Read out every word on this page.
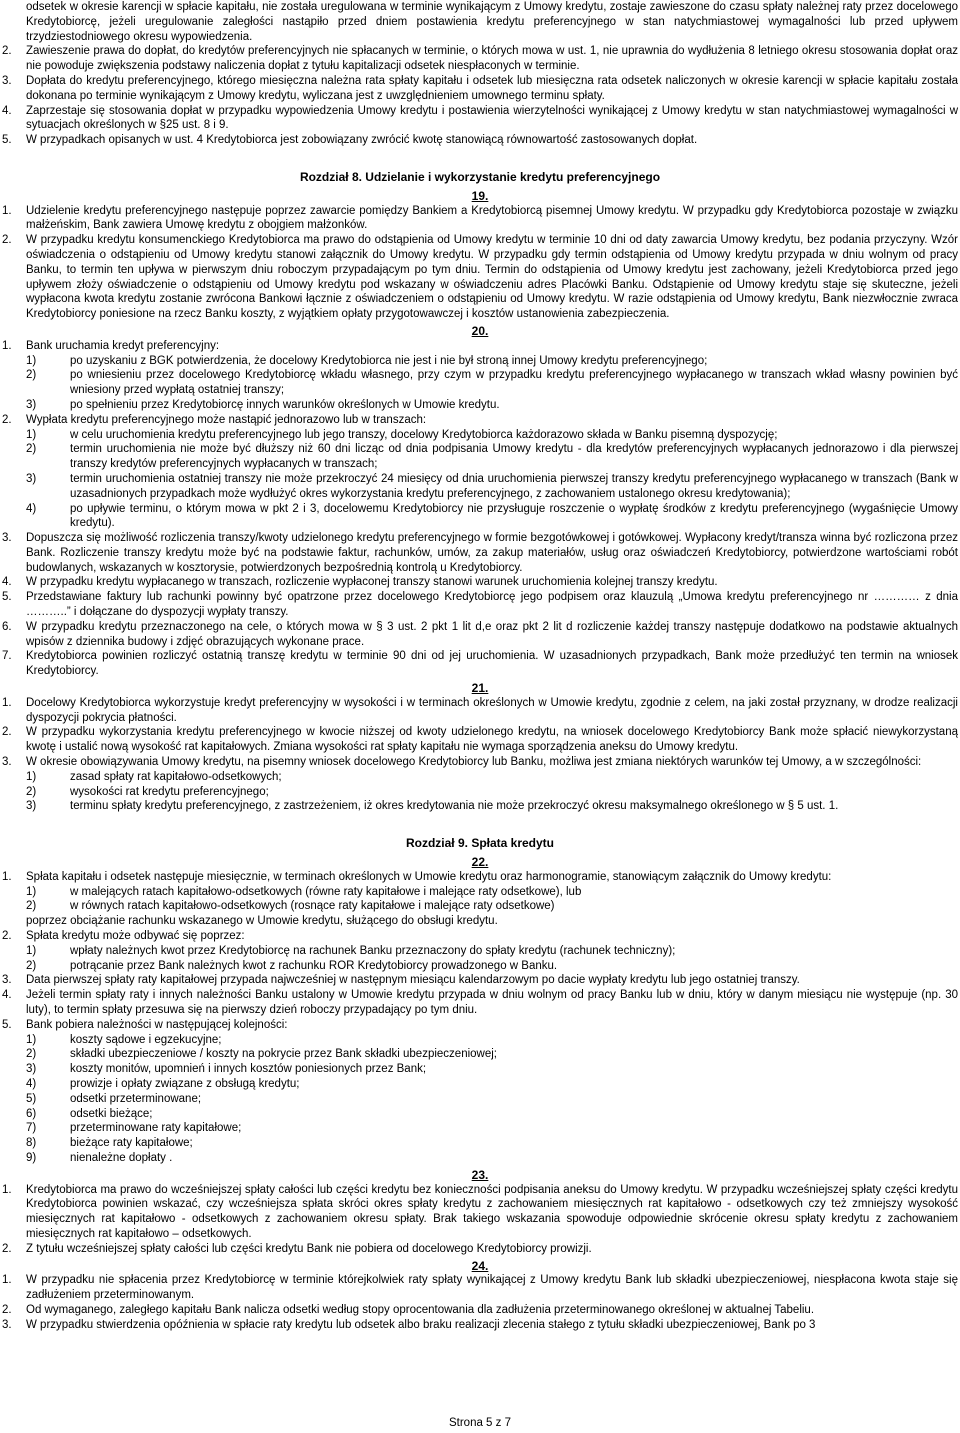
odsetek w okresie karencji w spłacie kapitału, nie została uregulowana w terminie wynikającym z Umowy kredytu, zostaje zawieszone do czasu spłaty należnej raty przez docelowego Kredytobiorcę, jeżeli uregulowanie zaległości nastąpiło przed dniem postawienia kredytu preferencyjnego w stan natychmiastowej wymagalności lub przed upływem trzydziestodniowego okresu wypowiedzenia.
2.	Zawieszenie prawa do dopłat, do kredytów preferencyjnych nie spłacanych w terminie, o których mowa w ust. 1, nie uprawnia do wydłużenia 8 letniego okresu stosowania dopłat oraz nie powoduje zwiększenia podstawy naliczenia dopłat z tytułu kapitalizacji odsetek niespłaconych w terminie.
3.	Dopłata do kredytu preferencyjnego, którego miesięczna należna rata spłaty kapitału i odsetek lub miesięczna rata odsetek naliczonych w okresie karencji w spłacie kapitału została dokonana po terminie wynikającym z Umowy kredytu, wyliczana jest z uwzględnieniem umownego terminu spłaty.
4.	Zaprzestaje się stosowania dopłat w przypadku wypowiedzenia Umowy kredytu i postawienia wierzytelności wynikającej z Umowy kredytu w stan natychmiastowej wymagalności w sytuacjach określonych w §25 ust. 8 i 9.
5.	W przypadkach opisanych w ust. 4 Kredytobiorca jest zobowiązany zwrócić kwotę stanowiącą równowartość zastosowanych dopłat.
Rozdział 8. Udzielanie i wykorzystanie kredytu preferencyjnego
19.
1.	Udzielenie kredytu preferencyjnego następuje poprzez zawarcie pomiędzy Bankiem a Kredytobiorcą pisemnej Umowy kredytu. W przypadku gdy Kredytobiorca pozostaje w związku małżeńskim, Bank zawiera Umowę kredytu z obojgiem małżonków.
2.	W przypadku kredytu konsumenckiego Kredytobiorca ma prawo do odstąpienia od Umowy kredytu w terminie 10 dni od daty zawarcia Umowy kredytu, bez podania przyczyny. Wzór oświadczenia o odstąpieniu od Umowy kredytu stanowi załącznik do Umowy kredytu. W przypadku gdy termin odstąpienia od Umowy kredytu przypada w dniu wolnym od pracy Banku, to termin ten upływa w pierwszym dniu roboczym przypadającym po tym dniu. Termin do odstąpienia od Umowy kredytu jest zachowany, jeżeli Kredytobiorca przed jego upływem złoży oświadczenie o odstąpieniu od Umowy kredytu pod wskazany w oświadczeniu adres Placówki Banku. Odstąpienie od Umowy kredytu staje się skuteczne, jeżeli wypłacona kwota kredytu zostanie zwrócona Bankowi łącznie z oświadczeniem o odstąpieniu od Umowy kredytu. W razie odstąpienia od Umowy kredytu, Bank niezwłocznie zwraca Kredytobiorcy poniesione na rzecz Banku koszty, z wyjątkiem opłaty przygotowawczej i kosztów ustanowienia zabezpieczenia.
20.
1.	Bank uruchamia kredyt preferencyjny:
1)	po uzyskaniu z BGK potwierdzenia, że docelowy Kredytobiorca nie jest i nie był stroną innej Umowy kredytu preferencyjnego;
2)	po wniesieniu przez docelowego Kredytobiorcę wkładu własnego, przy czym w przypadku kredytu preferencyjnego wypłacanego w transzach wkład własny powinien być wniesiony przed wypłatą ostatniej transzy;
3)	po spełnieniu przez Kredytobiorcę innych warunków określonych w Umowie kredytu.
2.	Wypłata kredytu preferencyjnego może nastąpić jednorazowo lub w transzach:
1)	w celu uruchomienia kredytu preferencyjnego lub jego transzy, docelowy Kredytobiorca każdorazowo składa w Banku pisemną dyspozycję;
2)	termin uruchomienia nie może być dłuższy niż 60 dni licząc od dnia podpisania Umowy kredytu - dla kredytów preferencyjnych wypłacanych jednorazowo i dla pierwszej transzy kredytów preferencyjnych wypłacanych w transzach;
3)	termin uruchomienia ostatniej transzy nie może przekroczyć 24 miesięcy od dnia uruchomienia pierwszej transzy kredytu preferencyjnego wypłacanego w transzach (Bank w uzasadnionych przypadkach może wydłużyć okres wykorzystania kredytu preferencyjnego, z zachowaniem ustalonego okresu kredytowania);
4)	po upływie terminu, o którym mowa w pkt 2 i 3, docelowemu Kredytobiorcy nie przysługuje roszczenie o wypłatę środków z kredytu preferencyjnego (wygaśnięcie Umowy kredytu).
3.	Dopuszcza się możliwość rozliczenia transzy/kwoty udzielonego kredytu preferencyjnego w formie bezgotówkowej i gotówkowej. Wypłacony kredyt/transza winna być rozliczona przez Bank. Rozliczenie transzy kredytu może być na podstawie faktur, rachunków, umów, za zakup materiałów, usług oraz oświadczeń Kredytobiorcy, potwierdzone wartościami robót budowlanych, wskazanych w kosztorysie, potwierdzonych bezpośrednią kontrolą u Kredytobiorcy.
4.	W przypadku kredytu wypłacanego w transzach, rozliczenie wypłaconej transzy stanowi warunek uruchomienia kolejnej transzy kredytu.
5.	Przedstawiane faktury lub rachunki powinny być opatrzone przez docelowego Kredytobiorcę jego podpisem oraz klauzulą „Umowa kredytu preferencyjnego nr ………… z dnia ………..” i dołączane do dyspozycji wypłaty transzy.
6.	W przypadku kredytu przeznaczonego na cele, o których mowa w § 3 ust. 2 pkt 1 lit d,e oraz pkt 2 lit d rozliczenie każdej transzy następuje dodatkowo na podstawie aktualnych wpisów z dziennika budowy i zdjęć obrazujących wykonane prace.
7.	Kredytobiorca powinien rozliczyć ostatnią transzę kredytu w terminie 90 dni od jej uruchomienia. W uzasadnionych przypadkach, Bank może przedłużyć ten termin na wniosek Kredytobiorcy.
21.
1.	Docelowy Kredytobiorca wykorzystuje kredyt preferencyjny w wysokości i w terminach określonych w Umowie kredytu, zgodnie z celem, na jaki został przyznany, w drodze realizacji dyspozycji pokrycia płatności.
2.	W przypadku wykorzystania kredytu preferencyjnego w kwocie niższej od kwoty udzielonego kredytu, na wniosek docelowego Kredytobiorcy Bank może spłacić niewykorzystaną kwotę i ustalić nową wysokość rat kapitałowych. Zmiana wysokości rat spłaty kapitału nie wymaga sporządzenia aneksu do Umowy kredytu.
3.	W okresie obowiązywania Umowy kredytu, na pisemny wniosek docelowego Kredytobiorcy lub Banku, możliwa jest zmiana niektórych warunków tej Umowy, a w szczególności:
1)	zasad spłaty rat kapitałowo-odsetkowych;
2)	wysokości rat kredytu preferencyjnego;
3)	terminu spłaty kredytu preferencyjnego, z zastrzeżeniem, iż okres kredytowania nie może przekroczyć okresu maksymalnego określonego w § 5 ust. 1.
Rozdział 9. Spłata kredytu
22.
1.	Spłata kapitału i odsetek następuje miesięcznie, w terminach określonych w Umowie kredytu oraz harmonogramie, stanowiącym załącznik do Umowy kredytu:
1)	w malejących ratach kapitałowo-odsetkowych (równe raty kapitałowe i malejące raty odsetkowe), lub
2)	w równych ratach kapitałowo-odsetkowych (rosnące raty kapitałowe i malejące raty odsetkowe)
poprzez obciążanie rachunku wskazanego w Umowie kredytu, służącego do obsługi kredytu.
2.	Spłata kredytu może odbywać się poprzez:
1)	wpłaty należnych kwot przez Kredytobiorcę na rachunek Banku przeznaczony do spłaty kredytu (rachunek techniczny);
2)	potrącanie przez Bank należnych kwot z rachunku ROR Kredytobiorcy prowadzonego w Banku.
3.	Data pierwszej spłaty raty kapitałowej przypada najwcześniej w następnym miesiącu kalendarzowym po dacie wypłaty kredytu lub jego ostatniej transzy.
4.	Jeżeli termin spłaty raty i innych należności Banku ustalony w Umowie kredytu przypada w dniu wolnym od pracy Banku lub w dniu, który w danym miesiącu nie występuje (np. 30 luty), to termin spłaty przesuwa się na pierwszy dzień roboczy przypadający po tym dniu.
5.	Bank pobiera należności w następującej kolejności:
1)	koszty sądowe i egzekucyjne;
2)	składki ubezpieczeniowe / koszty na pokrycie przez Bank składki ubezpieczeniowej;
3)	koszty monitów, upomnień i innych kosztów poniesionych przez Bank;
4)	prowizje i opłaty związane z obsługą kredytu;
5)	odsetki przeterminowane;
6)	odsetki bieżące;
7)	przeterminowane raty kapitałowe;
8)	bieżące raty kapitałowe;
9)	nienależne dopłaty .
23.
1.	Kredytobiorca ma prawo do wcześniejszej spłaty całości lub części kredytu bez konieczności podpisania aneksu do Umowy kredytu. W przypadku wcześniejszej spłaty części kredytu Kredytobiorca powinien wskazać, czy wcześniejsza spłata skróci okres spłaty kredytu z zachowaniem miesięcznych rat kapitałowo - odsetkowych czy też zmniejszy wysokość miesięcznych rat kapitałowo - odsetkowych z zachowaniem okresu spłaty. Brak takiego wskazania spowoduje odpowiednie skrócenie okresu spłaty kredytu z zachowaniem miesięcznych rat kapitałowo – odsetkowych.
2.	Z tytułu wcześniejszej spłaty całości lub części kredytu Bank nie pobiera od docelowego Kredytobiorcy prowizji.
24.
1.	W przypadku nie spłacenia przez Kredytobiorcę w terminie którejkolwiek raty spłaty wynikającej z Umowy kredytu Bank lub składki ubezpieczeniowej, niespłacona kwota staje się zadłużeniem przeterminowanym.
2.	Od wymaganego, zaległego kapitału Bank nalicza odsetki według stopy oprocentowania dla zadłużenia przeterminowanego określonej w aktualnej Tabeliu.
3.	W przypadku stwierdzenia opóźnienia w spłacie raty kredytu lub odsetek albo braku realizacji zlecenia stałego z tytułu składki ubezpieczeniowej, Bank po 3
Strona 5 z 7
